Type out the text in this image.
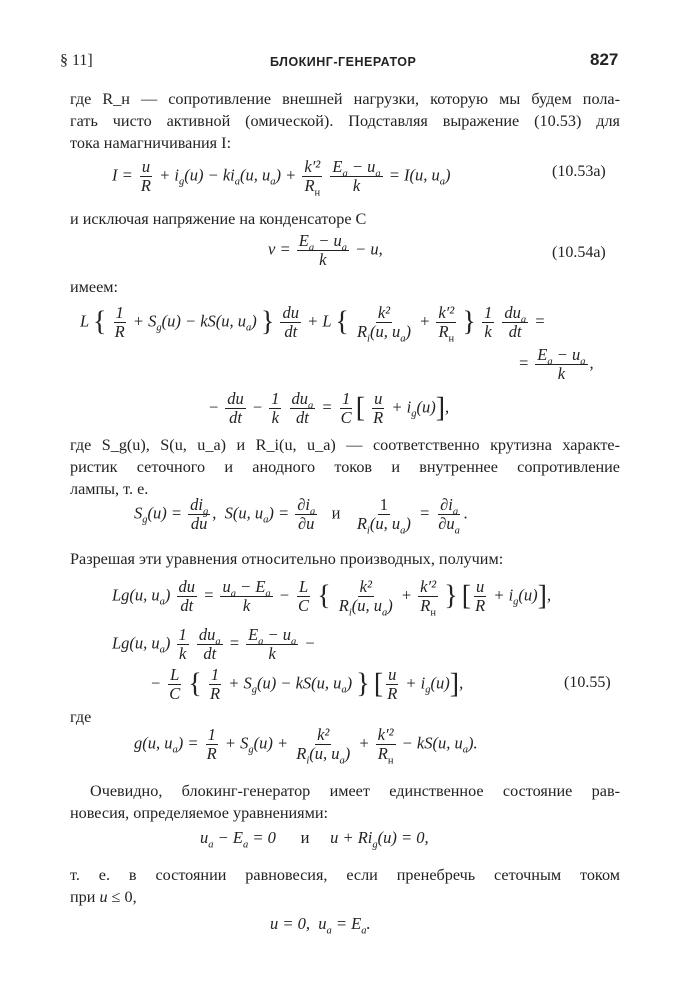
§ 11]	БЛОКИНГ-ГЕНЕРАТОР	827
где R_н — сопротивление внешней нагрузки, которую мы будем пола-
гать чисто активной (омической). Подставляя выражение (10.53) для
тока намагничивания I:
$I = \frac{u}{R} + i_g(u) - ki_a(u$, $u_a) + \frac{\text{k′²}}{R_н}$
$\frac{E_a - u_a}{k} = I(u$, $u_a$)	(10.53а)
и исключая напряжение на конденсаторе C
$v = \frac{E_a - u_a}{k} - u$,	(10.54а)
имеем:
L { $\frac{1}{R} + S_g(u) - kS(u$, $u_a$) } $\frac{du}{dt} + L$ { $\frac{\text{k²}}{R_i(u, u_a)} + \frac{\text{k′²}}{R_н}$ } $\frac{1}{k}$
$\frac{du_a}{dt}$ =
= $\frac{E_a - u_a}{k}$ ,
− $\frac{du}{dt} - \frac{1}{k}$
$\frac{du_a}{dt} = \frac{1}{C}$ [ $\frac{u}{R} + i_g(u)$],
где S_g(u), S(u, u_a) и R_i(u, u_a) — соответственно крутизна характе-
ристик сеточного и анодного токов и внутреннее сопротивление
лампы, т. е.
$S_g(u) = \frac{di_g}{du}$ ,  S(u, $u_a) = \frac{\partial i_a}{\partial u}$ и $\frac{1}{R_i(u, u_a)} = \frac{\partial i_a}{\partial u_a}$ .
Разрешая эти уравнения относительно производных, получим:
Lg(u, $u_a) \frac{du}{dt} = \frac{u_a - E_a}{k} - \frac{L}{C}$ { $\frac{\text{k²}}{R_i(u, u_a)} + \frac{\text{k′²}}{R_н}$ } [ $\frac{u}{R} + i_g(u)$],
Lg(u, $u_a) \frac{1}{k}$
$\frac{du_a}{dt} = \frac{E_a - u_a}{k}$ −
− $\frac{L}{C}$ { $\frac{1}{R} + S_g(u) - kS(u$, $u_a$) } [ $\frac{u}{R} + i_g(u)$],	(10.55)
где
g(u, $u_a) = \frac{1}{R} + S_g(u) + \frac{\text{k²}}{R_i(u, u_a)} + \frac{\text{k′²}}{R_н} - kS(u$, $u_a$).
Очевидно, блокинг-генератор имеет единственное состояние рав-
новесия, определяемое уравнениями:
$u_a - E_a = 0$      и     $u + Ri_g(u) = 0$,
т. е. в состоянии равновесия, если пренебречь сеточным током
при u ≤ 0,
u = 0,  $u_a = E_a$.
